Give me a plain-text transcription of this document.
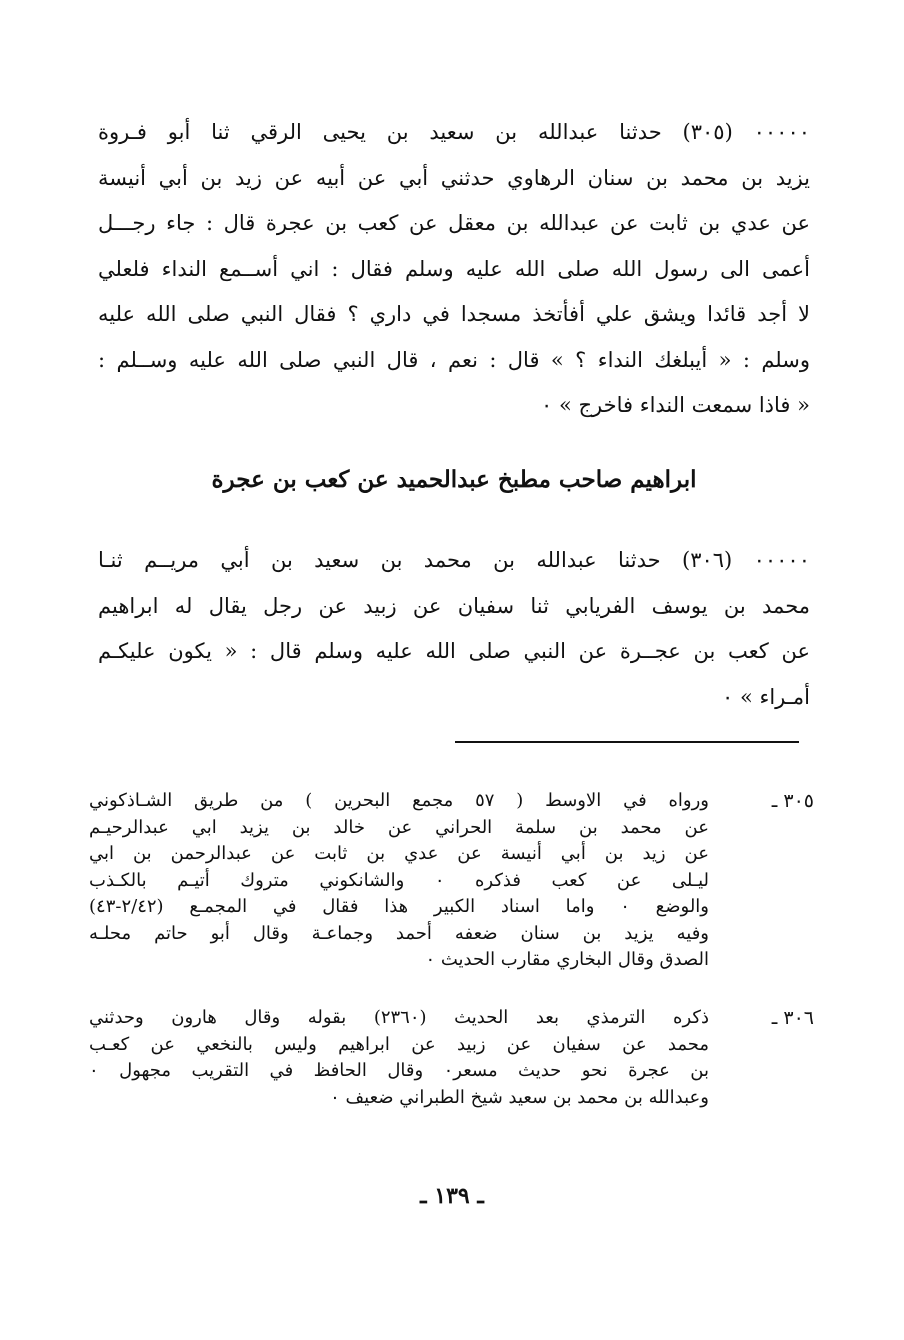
٠٠٠٠٠ (٣٠٥) حدثنا عبدالله بن سعيد بن يحيى الرقي ثنا أبو فـروة
يزيد بن محمد بن سنان الرهاوي حدثني أبي عن أبيه عن زيد بن أبي أنيسة
عن عدي بن ثابت عن عبدالله بن معقل عن كعب بن عجرة قال : جاء رجـــل
أعمى الى رسول الله صلى الله عليه وسلم فقال : اني أســمع النداء فلعلي
لا أجد قائدا ويشق علي أفأتخذ مسجدا في داري ؟ فقال النبي صلى الله عليه
وسلم : « أيبلغك النداء ؟ » قال : نعم ، قال النبي صلى الله عليه وســلم :
« فاذا سمعت النداء فاخرج » ٠
ابراهيم صاحب مطبخ عبدالحميد عن كعب بن عجرة
٠٠٠٠٠ (٣٠٦) حدثنا عبدالله بن محمد بن سعيد بن أبي مريــم ثنـا
محمد بن يوسف الفريابي ثنا سفيان عن زبيد عن رجل يقال له ابراهيم
عن كعب بن عجــرة عن النبي صلى الله عليه وسلم قال : « يكون عليكـم
أمـراء » ٠
٣٠٥ ـ
ورواه في الاوسط ( ٥٧ مجمع البحرين ) من طريق الشـاذكوني
عن محمد بن سلمة الحراني عن خالد بن يزيد ابي عبدالرحيـم
عن زيد بن أبي أنيسة عن عدي بن ثابت عن عبدالرحمن بن ابي
ليـلى عن كعب فذكره ٠ والشانكوني متروك أتيـم بالكـذب
والوضع ٠ واما اسناد الكبير هذا فقال في المجمـع (٢/٤٢-٤٣)
وفيه يزيد بن سنان ضعفه أحمد وجماعـة وقال أبو حاتم محلـه
الصدق وقال البخاري مقارب الحديث ٠
٣٠٦ ـ
ذكره الترمذي بعد الحديث (٢٣٦٠) بقوله وقال هارون وحدثني
محمد عن سفيان عن زبيد عن ابراهيم وليس بالنخعي عن كعـب
بن عجرة نحو حديث مسعر٠ وقال الحافظ في التقريب مجهول ٠
وعبدالله بن محمد بن سعيد شيخ الطبراني ضعيف ٠
ـ ١٣٩ ـ
